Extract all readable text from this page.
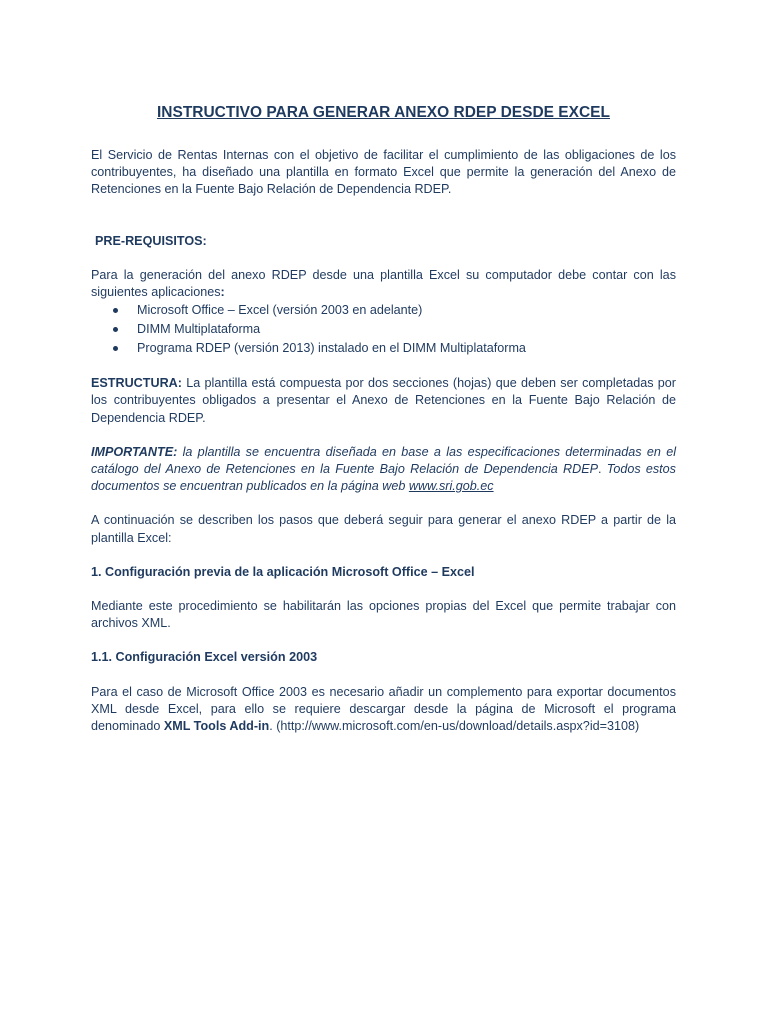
INSTRUCTIVO PARA GENERAR ANEXO RDEP DESDE EXCEL

El Servicio de Rentas Internas con el objetivo de facilitar el cumplimiento de las obligaciones de los contribuyentes, ha diseñado una plantilla en formato Excel que permite la generación del Anexo de Retenciones en la Fuente Bajo Relación de Dependencia RDEP.

PRE-REQUISITOS:

Para la generación del anexo RDEP desde una plantilla Excel su computador debe contar con las siguientes aplicaciones:

Microsoft Office – Excel (versión 2003 en adelante)
DIMM Multiplataforma
Programa RDEP (versión 2013) instalado en el DIMM Multiplataforma

ESTRUCTURA: La plantilla está compuesta por dos secciones (hojas) que deben ser completadas por los contribuyentes obligados a presentar el Anexo de Retenciones en la Fuente Bajo Relación de Dependencia RDEP.

IMPORTANTE: la plantilla se encuentra diseñada en base a las especificaciones determinadas en el catálogo del Anexo de Retenciones en la Fuente Bajo Relación de Dependencia RDEP. Todos estos documentos se encuentran publicados en la página web www.sri.gob.ec

A continuación se describen los pasos que deberá seguir para generar el anexo RDEP a partir de la plantilla Excel:

1. Configuración previa de la aplicación Microsoft Office – Excel

Mediante este procedimiento se habilitarán las opciones propias del Excel que permite trabajar con archivos XML.

1.1. Configuración Excel versión 2003

Para el caso de Microsoft Office 2003 es necesario añadir un complemento para exportar documentos XML desde Excel, para ello se requiere descargar desde la página de Microsoft el programa denominado XML Tools Add-in. (http://www.microsoft.com/en-us/download/details.aspx?id=3108)
